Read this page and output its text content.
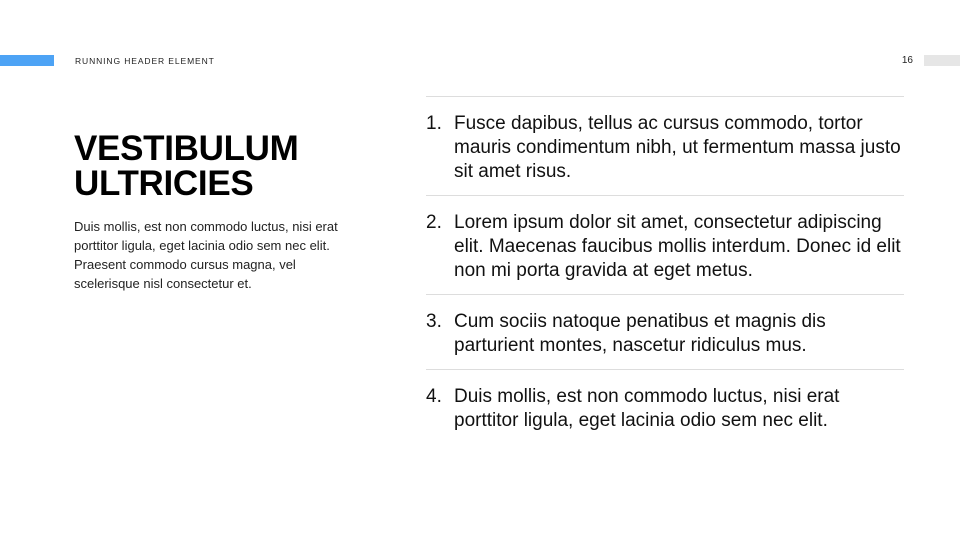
RUNNING HEADER ELEMENT	16
VESTIBULUM
ULTRICIES

Duis mollis, est non commodo luctus, nisi erat porttitor ligula, eget lacinia odio sem nec elit. Praesent commodo cursus magna, vel scelerisque nisl consectetur et.

1. Fusce dapibus, tellus ac cursus commodo, tortor mauris condimentum nibh, ut fermentum massa justo sit amet risus.
2. Lorem ipsum dolor sit amet, consectetur adipiscing elit. Maecenas faucibus mollis interdum. Donec id elit non mi porta gravida at eget metus.
3. Cum sociis natoque penatibus et magnis dis parturient montes, nascetur ridiculus mus.
4. Duis mollis, est non commodo luctus, nisi erat porttitor ligula, eget lacinia odio sem nec elit.
